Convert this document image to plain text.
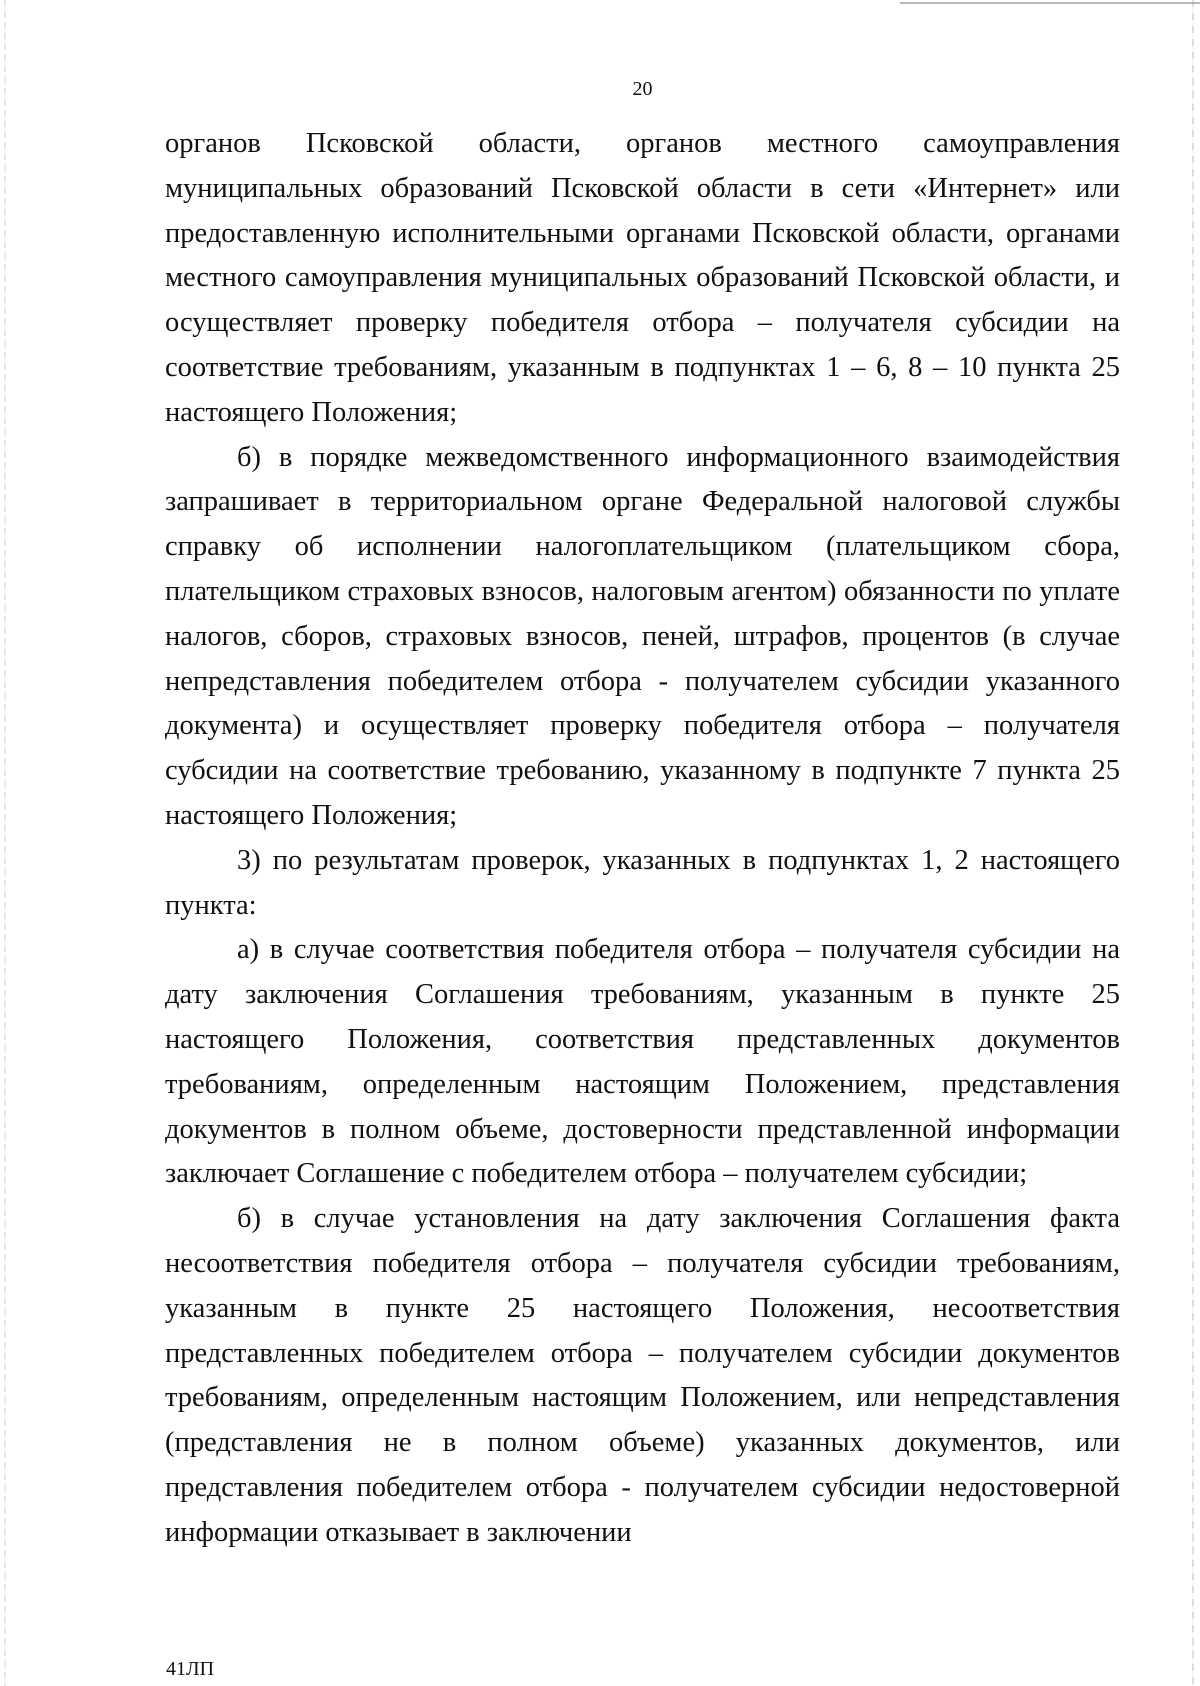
20

органов Псковской области, органов местного самоуправления муниципальных образований Псковской области в сети «Интернет» или предоставленную исполнительными органами Псковской области, органами местного самоуправления муниципальных образований Псковской области, и осуществляет проверку победителя отбора – получателя субсидии на соответствие требованиям, указанным в подпунктах 1 – 6, 8 – 10 пункта 25 настоящего Положения;

б) в порядке межведомственного информационного взаимодействия запрашивает в территориальном органе Федеральной налоговой службы справку об исполнении налогоплательщиком (плательщиком сбора, плательщиком страховых взносов, налоговым агентом) обязанности по уплате налогов, сборов, страховых взносов, пеней, штрафов, процентов (в случае непредставления победителем отбора - получателем субсидии указанного документа) и осуществляет проверку победителя отбора – получателя субсидии на соответствие требованию, указанному в подпункте 7 пункта 25 настоящего Положения;

3) по результатам проверок, указанных в подпунктах 1, 2 настоящего пункта:

а) в случае соответствия победителя отбора – получателя субсидии на дату заключения Соглашения требованиям, указанным в пункте 25 настоящего Положения, соответствия представленных документов требованиям, определенным настоящим Положением, представления документов в полном объеме, достоверности представленной информации заключает Соглашение с победителем отбора – получателем субсидии;

б) в случае установления на дату заключения Соглашения факта несоответствия победителя отбора – получателя субсидии требованиям, указанным в пункте 25 настоящего Положения, несоответствия представленных победителем отбора – получателем субсидии документов требованиям, определенным настоящим Положением, или непредставления (представления не в полном объеме) указанных документов, или представления победителем отбора - получателем субсидии недостоверной информации отказывает в заключении

41ЛП
